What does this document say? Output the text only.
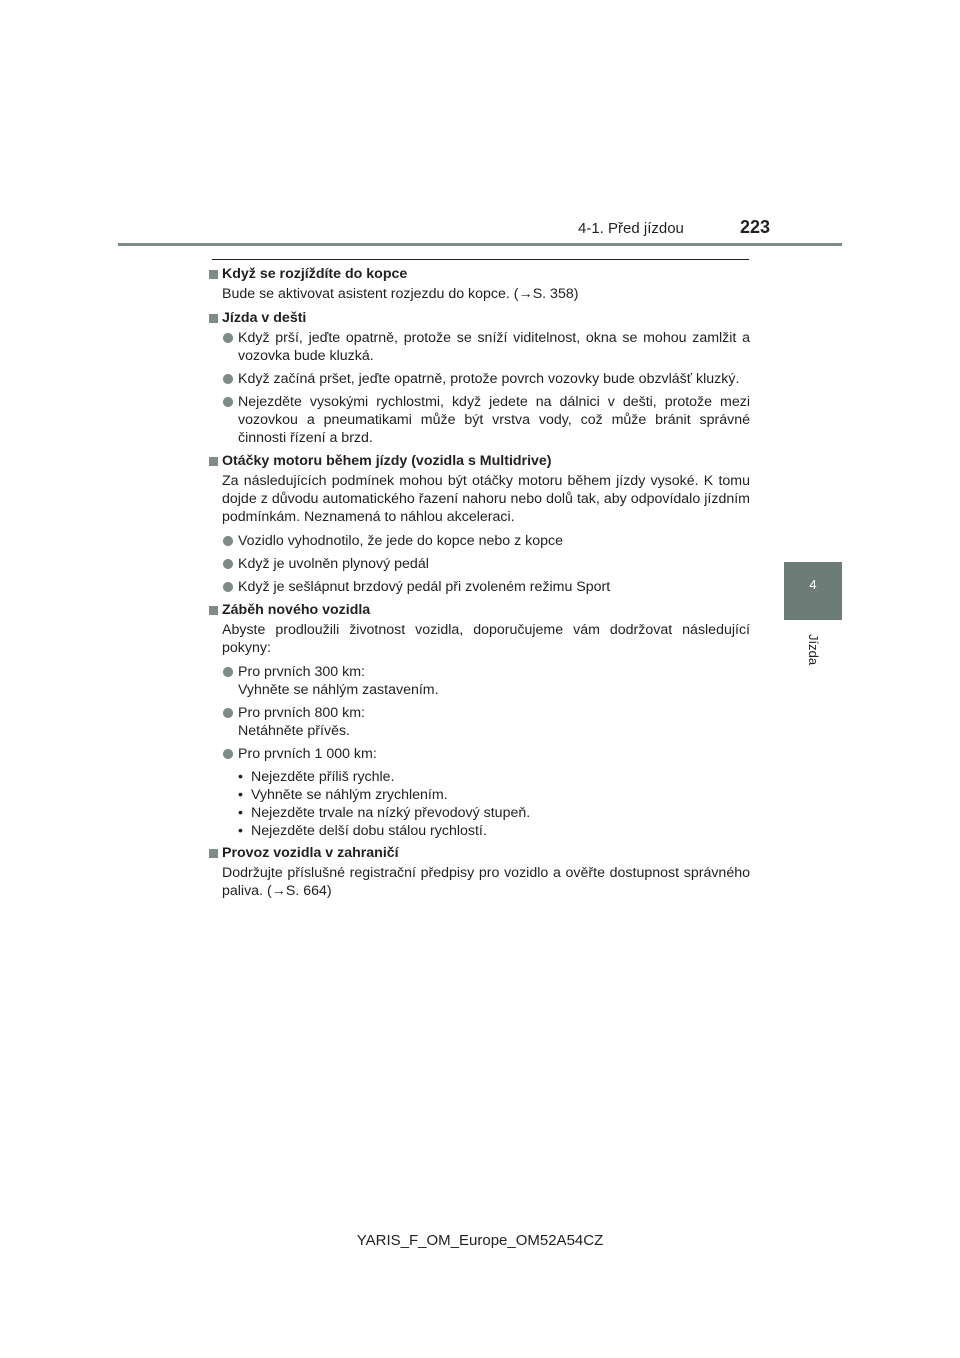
4-1. Před jízdou	223
4
Jízda
Když se rozjíždíte do kopce

Bude se aktivovat asistent rozjezdu do kopce. (→S. 358)

Jízda v dešti
Když prší, jeďte opatrně, protože se sníží viditelnost, okna se mohou zamlžit a vozovka bude kluzká.
Když začíná pršet, jeďte opatrně, protože povrch vozovky bude obzvlášť kluzký.
Nejezděte vysokými rychlostmi, když jedete na dálnici v dešti, protože mezi vozovkou a pneumatikami může být vrstva vody, což může bránit správné činnosti řízení a brzd.
Otáčky motoru během jízdy (vozidla s Multidrive)

Za následujících podmínek mohou být otáčky motoru během jízdy vysoké. K tomu dojde z důvodu automatického řazení nahoru nebo dolů tak, aby odpovídalo jízdním podmínkám. Neznamená to náhlou akceleraci.

Vozidlo vyhodnotilo, že jede do kopce nebo z kopce
Když je uvolněn plynový pedál
Když je sešlápnut brzdový pedál při zvoleném režimu Sport
Záběh nového vozidla

Abyste prodloužili životnost vozidla, doporučujeme vám dodržovat následující pokyny:

Pro prvních 300 km:
Vyhněte se náhlým zastavením.
Pro prvních 800 km:
Netáhněte přívěs.
Pro prvních 1 000 km:
• Nejezděte příliš rychle.
• Vyhněte se náhlým zrychlením.
• Nejezděte trvale na nízký převodový stupeň.
• Nejezděte delší dobu stálou rychlostí.
Provoz vozidla v zahraničí

Dodržujte příslušné registrační předpisy pro vozidlo a ověřte dostupnost správného paliva. (→S. 664)

YARIS_F_OM_Europe_OM52A54CZ
